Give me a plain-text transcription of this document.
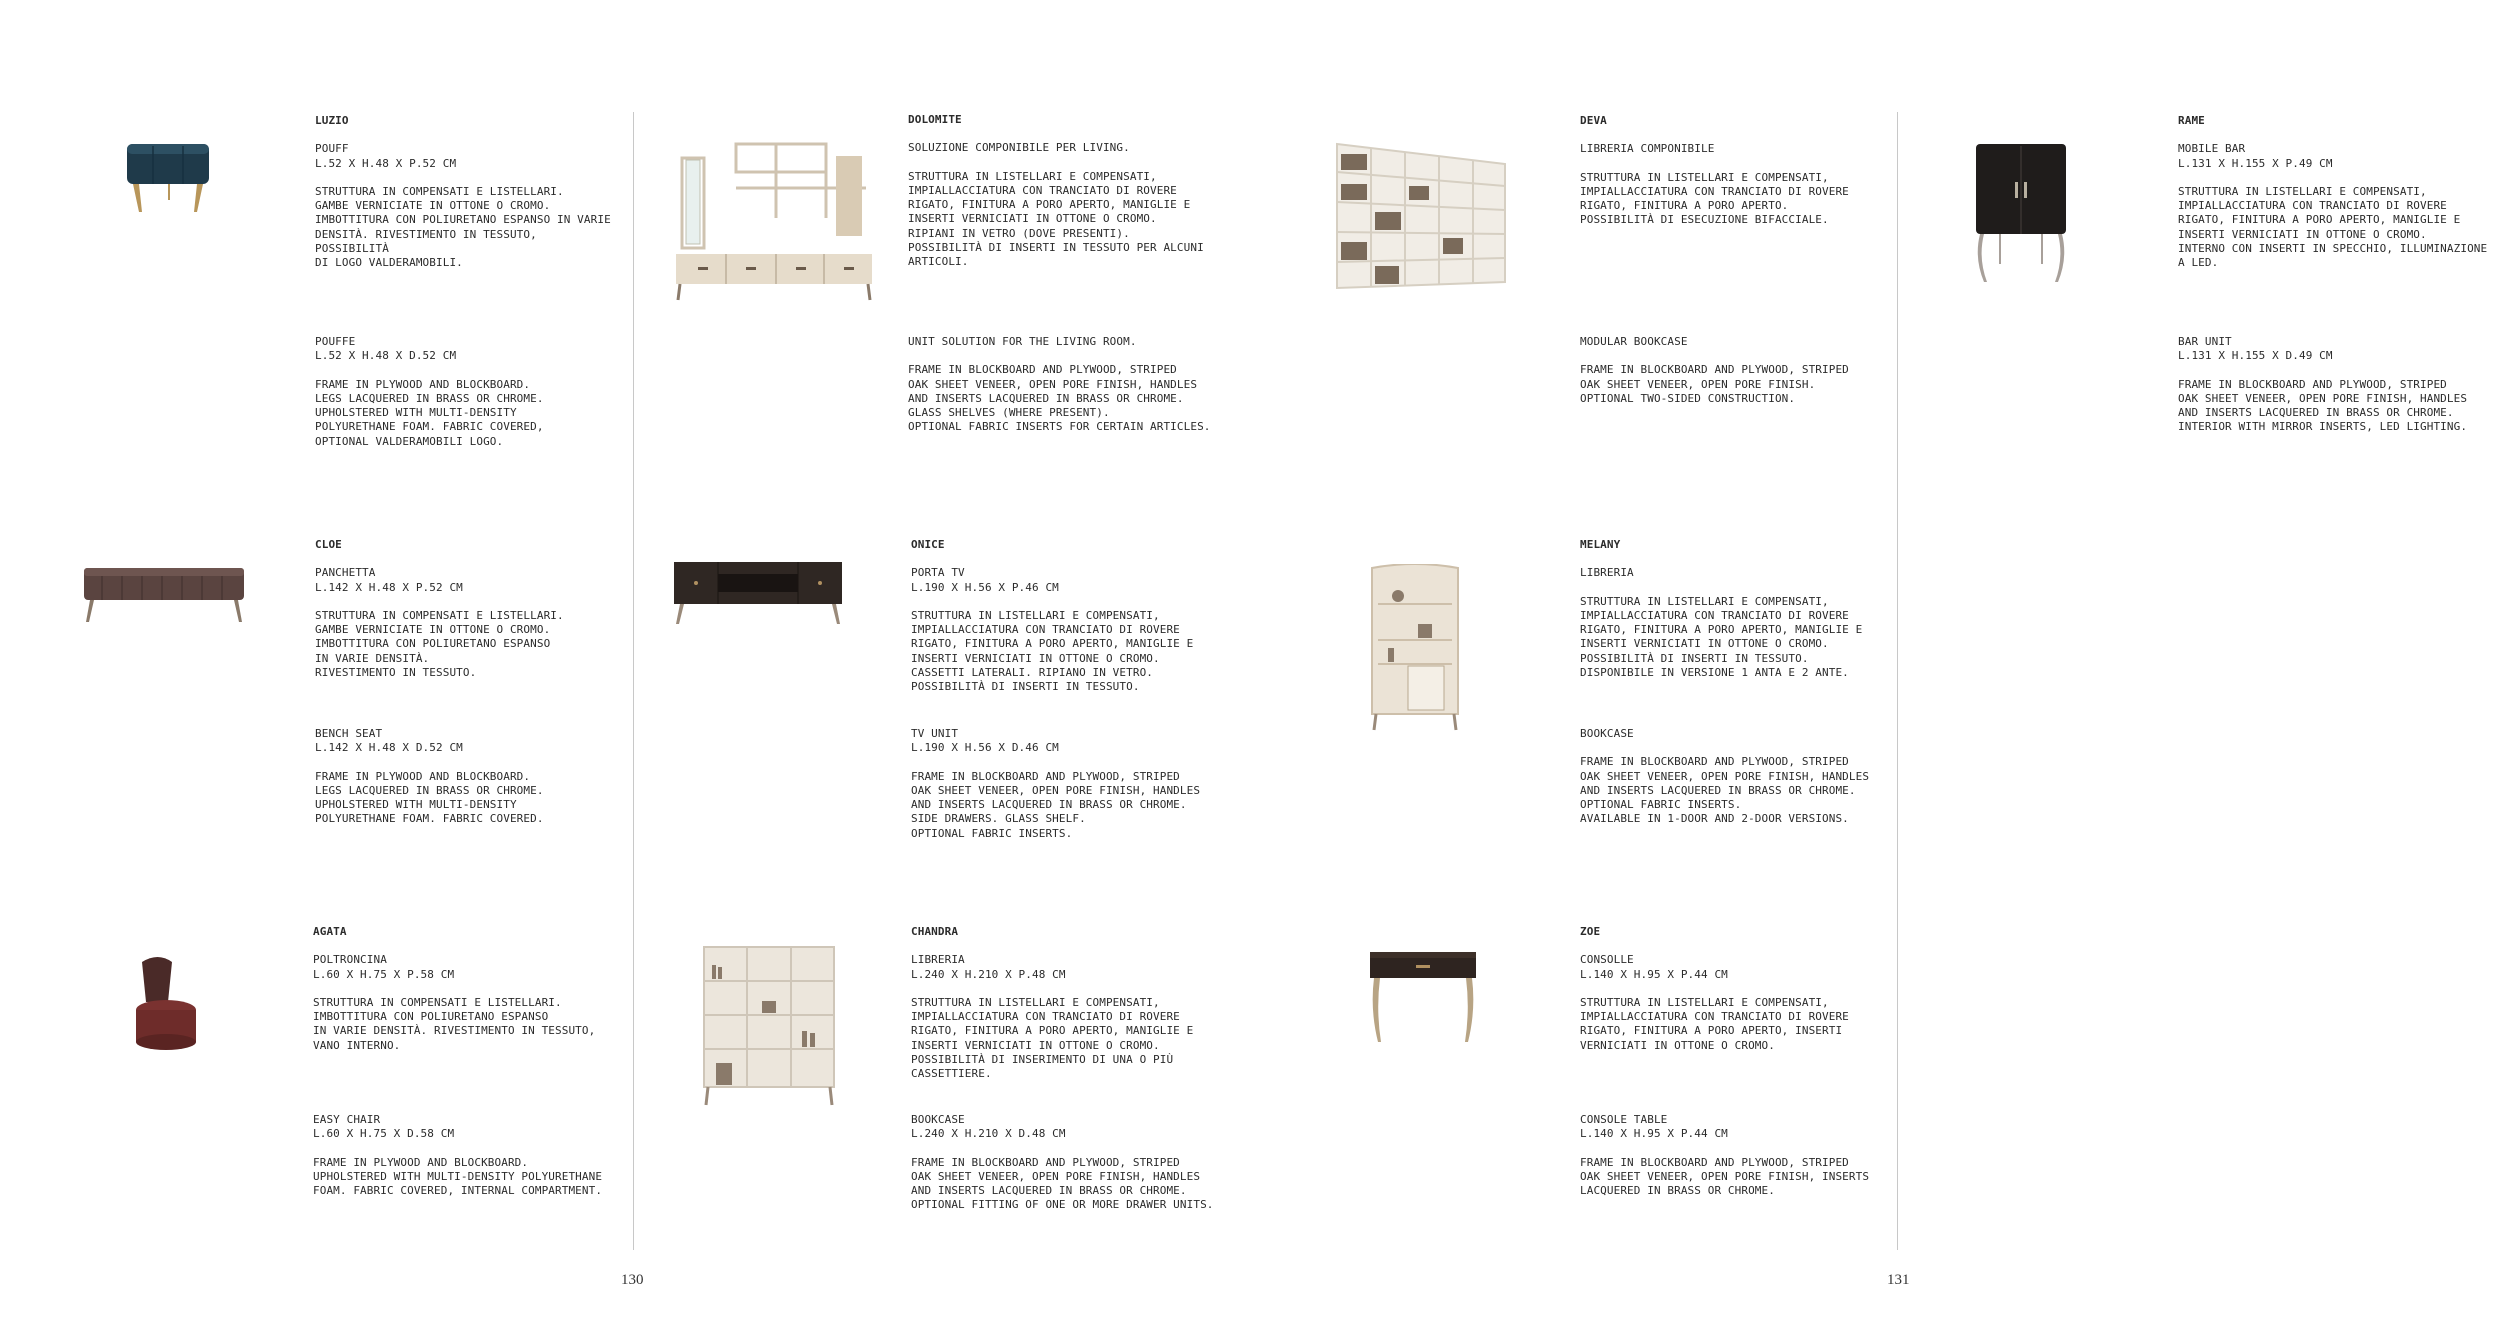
130	131

LUZIO

POUFF

L.52 X H.48 X P.52 CM

STRUTTURA IN COMPENSATI E LISTELLARI.
GAMBE VERNICIATE IN OTTONE O CROMO.
IMBOTTITURA CON POLIURETANO ESPANSO IN VARIE
DENSITÀ. RIVESTIMENTO IN TESSUTO, POSSIBILITÀ
DI LOGO VALDERAMOBILI.

POUFFE

L.52 X H.48 X D.52 CM

FRAME IN PLYWOOD AND BLOCKBOARD.
LEGS LACQUERED IN BRASS OR CHROME.
UPHOLSTERED WITH MULTI-DENSITY
POLYURETHANE FOAM. FABRIC COVERED,
OPTIONAL VALDERAMOBILI LOGO.

CLOE

PANCHETTA

L.142 X H.48 X P.52 CM

STRUTTURA IN COMPENSATI E LISTELLARI.
GAMBE VERNICIATE IN OTTONE O CROMO.
IMBOTTITURA CON POLIURETANO ESPANSO
IN VARIE DENSITÀ.
RIVESTIMENTO IN TESSUTO.

BENCH SEAT

L.142 X H.48 X D.52 CM

FRAME IN PLYWOOD AND BLOCKBOARD.
LEGS LACQUERED IN BRASS OR CHROME.
UPHOLSTERED WITH MULTI-DENSITY
POLYURETHANE FOAM. FABRIC COVERED.

AGATA

POLTRONCINA

L.60 X H.75 X P.58 CM

STRUTTURA IN COMPENSATI E LISTELLARI.
IMBOTTITURA CON POLIURETANO ESPANSO
IN VARIE DENSITÀ. RIVESTIMENTO IN TESSUTO,
VANO INTERNO.

EASY CHAIR

L.60 X H.75 X D.58 CM

FRAME IN PLYWOOD AND BLOCKBOARD.
UPHOLSTERED WITH MULTI-DENSITY POLYURETHANE
FOAM. FABRIC COVERED, INTERNAL COMPARTMENT.

DOLOMITE

SOLUZIONE COMPONIBILE PER LIVING.

STRUTTURA IN LISTELLARI E COMPENSATI,
IMPIALLACCIATURA CON TRANCIATO DI ROVERE
RIGATO, FINITURA A PORO APERTO, MANIGLIE E
INSERTI VERNICIATI IN OTTONE O CROMO.
RIPIANI IN VETRO (DOVE PRESENTI).
POSSIBILITÀ DI INSERTI IN TESSUTO PER ALCUNI
ARTICOLI.

UNIT SOLUTION FOR THE LIVING ROOM.

FRAME IN BLOCKBOARD AND PLYWOOD, STRIPED
OAK SHEET VENEER, OPEN PORE FINISH, HANDLES
AND INSERTS LACQUERED IN BRASS OR CHROME.
GLASS SHELVES (WHERE PRESENT).
OPTIONAL FABRIC INSERTS FOR CERTAIN ARTICLES.

ONICE

PORTA TV

L.190 X H.56 X P.46 CM

STRUTTURA IN LISTELLARI E COMPENSATI,
IMPIALLACCIATURA CON TRANCIATO DI ROVERE
RIGATO, FINITURA A PORO APERTO, MANIGLIE E
INSERTI VERNICIATI IN OTTONE O CROMO.
CASSETTI LATERALI. RIPIANO IN VETRO.
POSSIBILITÀ DI INSERTI IN TESSUTO.

TV UNIT

L.190 X H.56 X D.46 CM

FRAME IN BLOCKBOARD AND PLYWOOD, STRIPED
OAK SHEET VENEER, OPEN PORE FINISH, HANDLES
AND INSERTS LACQUERED IN BRASS OR CHROME.
SIDE DRAWERS. GLASS SHELF.
OPTIONAL FABRIC INSERTS.

CHANDRA

LIBRERIA

L.240 X H.210 X P.48 CM

STRUTTURA IN LISTELLARI E COMPENSATI,
IMPIALLACCIATURA CON TRANCIATO DI ROVERE
RIGATO, FINITURA A PORO APERTO, MANIGLIE E
INSERTI VERNICIATI IN OTTONE O CROMO.
POSSIBILITÀ DI INSERIMENTO DI UNA O PIÙ
CASSETTIERE.

BOOKCASE

L.240 X H.210 X D.48 CM

FRAME IN BLOCKBOARD AND PLYWOOD, STRIPED
OAK SHEET VENEER, OPEN PORE FINISH, HANDLES
AND INSERTS LACQUERED IN BRASS OR CHROME.
OPTIONAL FITTING OF ONE OR MORE DRAWER UNITS.

DEVA

LIBRERIA COMPONIBILE

STRUTTURA IN LISTELLARI E COMPENSATI,
IMPIALLACCIATURA CON TRANCIATO DI ROVERE
RIGATO, FINITURA A PORO APERTO.
POSSIBILITÀ DI ESECUZIONE BIFACCIALE.

MODULAR BOOKCASE

FRAME IN BLOCKBOARD AND PLYWOOD, STRIPED
OAK SHEET VENEER, OPEN PORE FINISH.
OPTIONAL TWO-SIDED CONSTRUCTION.

MELANY

LIBRERIA

STRUTTURA IN LISTELLARI E COMPENSATI,
IMPIALLACCIATURA CON TRANCIATO DI ROVERE
RIGATO, FINITURA A PORO APERTO, MANIGLIE E
INSERTI VERNICIATI IN OTTONE O CROMO.
POSSIBILITÀ DI INSERTI IN TESSUTO.
DISPONIBILE IN VERSIONE 1 ANTA E 2 ANTE.

BOOKCASE

FRAME IN BLOCKBOARD AND PLYWOOD, STRIPED
OAK SHEET VENEER, OPEN PORE FINISH, HANDLES
AND INSERTS LACQUERED IN BRASS OR CHROME.
OPTIONAL FABRIC INSERTS.
AVAILABLE IN 1-DOOR AND 2-DOOR VERSIONS.

ZOE

CONSOLLE

L.140 X H.95 X P.44 CM

STRUTTURA IN LISTELLARI E COMPENSATI,
IMPIALLACCIATURA CON TRANCIATO DI ROVERE
RIGATO, FINITURA A PORO APERTO, INSERTI
VERNICIATI IN OTTONE O CROMO.

CONSOLE TABLE

L.140 X H.95 X P.44 CM

FRAME IN BLOCKBOARD AND PLYWOOD, STRIPED
OAK SHEET VENEER, OPEN PORE FINISH, INSERTS
LACQUERED IN BRASS OR CHROME.

RAME

MOBILE BAR

L.131 X H.155 X P.49 CM

STRUTTURA IN LISTELLARI E COMPENSATI,
IMPIALLACCIATURA CON TRANCIATO DI ROVERE
RIGATO, FINITURA A PORO APERTO, MANIGLIE E
INSERTI VERNICIATI IN OTTONE O CROMO.
INTERNO CON INSERTI IN SPECCHIO, ILLUMINAZIONE
A LED.

BAR UNIT

L.131 X H.155 X D.49 CM

FRAME IN BLOCKBOARD AND PLYWOOD, STRIPED
OAK SHEET VENEER, OPEN PORE FINISH, HANDLES
AND INSERTS LACQUERED IN BRASS OR CHROME.
INTERIOR WITH MIRROR INSERTS, LED LIGHTING.
